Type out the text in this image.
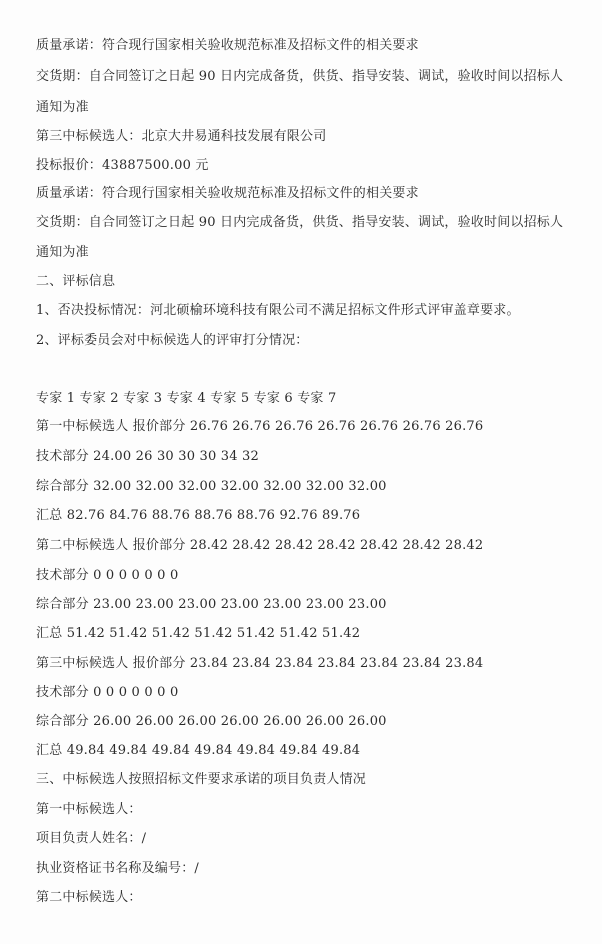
质量承诺：符合现行国家相关验收规范标准及招标文件的相关要求
交货期：自合同签订之日起 90 日内完成备货，供货、指导安装、调试，验收时间以招标人
通知为准
第三中标候选人：北京大井易通科技发展有限公司
投标报价：43887500.00 元
质量承诺：符合现行国家相关验收规范标准及招标文件的相关要求
交货期：自合同签订之日起 90 日内完成备货，供货、指导安装、调试，验收时间以招标人
通知为准
二、评标信息
1、否决投标情况：河北硕榆环境科技有限公司不满足招标文件形式评审盖章要求。
2、评标委员会对中标候选人的评审打分情况：
专家 1 专家 2 专家 3 专家 4 专家 5 专家 6 专家 7
第一中标候选人 报价部分 26.76 26.76 26.76 26.76 26.76 26.76 26.76
技术部分 24.00 26 30 30 30 34 32
综合部分 32.00 32.00 32.00 32.00 32.00 32.00 32.00
汇总 82.76 84.76 88.76 88.76 88.76 92.76 89.76
第二中标候选人 报价部分 28.42 28.42 28.42 28.42 28.42 28.42 28.42
技术部分 0 0 0 0 0 0 0
综合部分 23.00 23.00 23.00 23.00 23.00 23.00 23.00
汇总 51.42 51.42 51.42 51.42 51.42 51.42 51.42
第三中标候选人 报价部分 23.84 23.84 23.84 23.84 23.84 23.84 23.84
技术部分 0 0 0 0 0 0 0
综合部分 26.00 26.00 26.00 26.00 26.00 26.00 26.00
汇总 49.84 49.84 49.84 49.84 49.84 49.84 49.84
三、中标候选人按照招标文件要求承诺的项目负责人情况
第一中标候选人：
项目负责人姓名：/
执业资格证书名称及编号：/
第二中标候选人：
